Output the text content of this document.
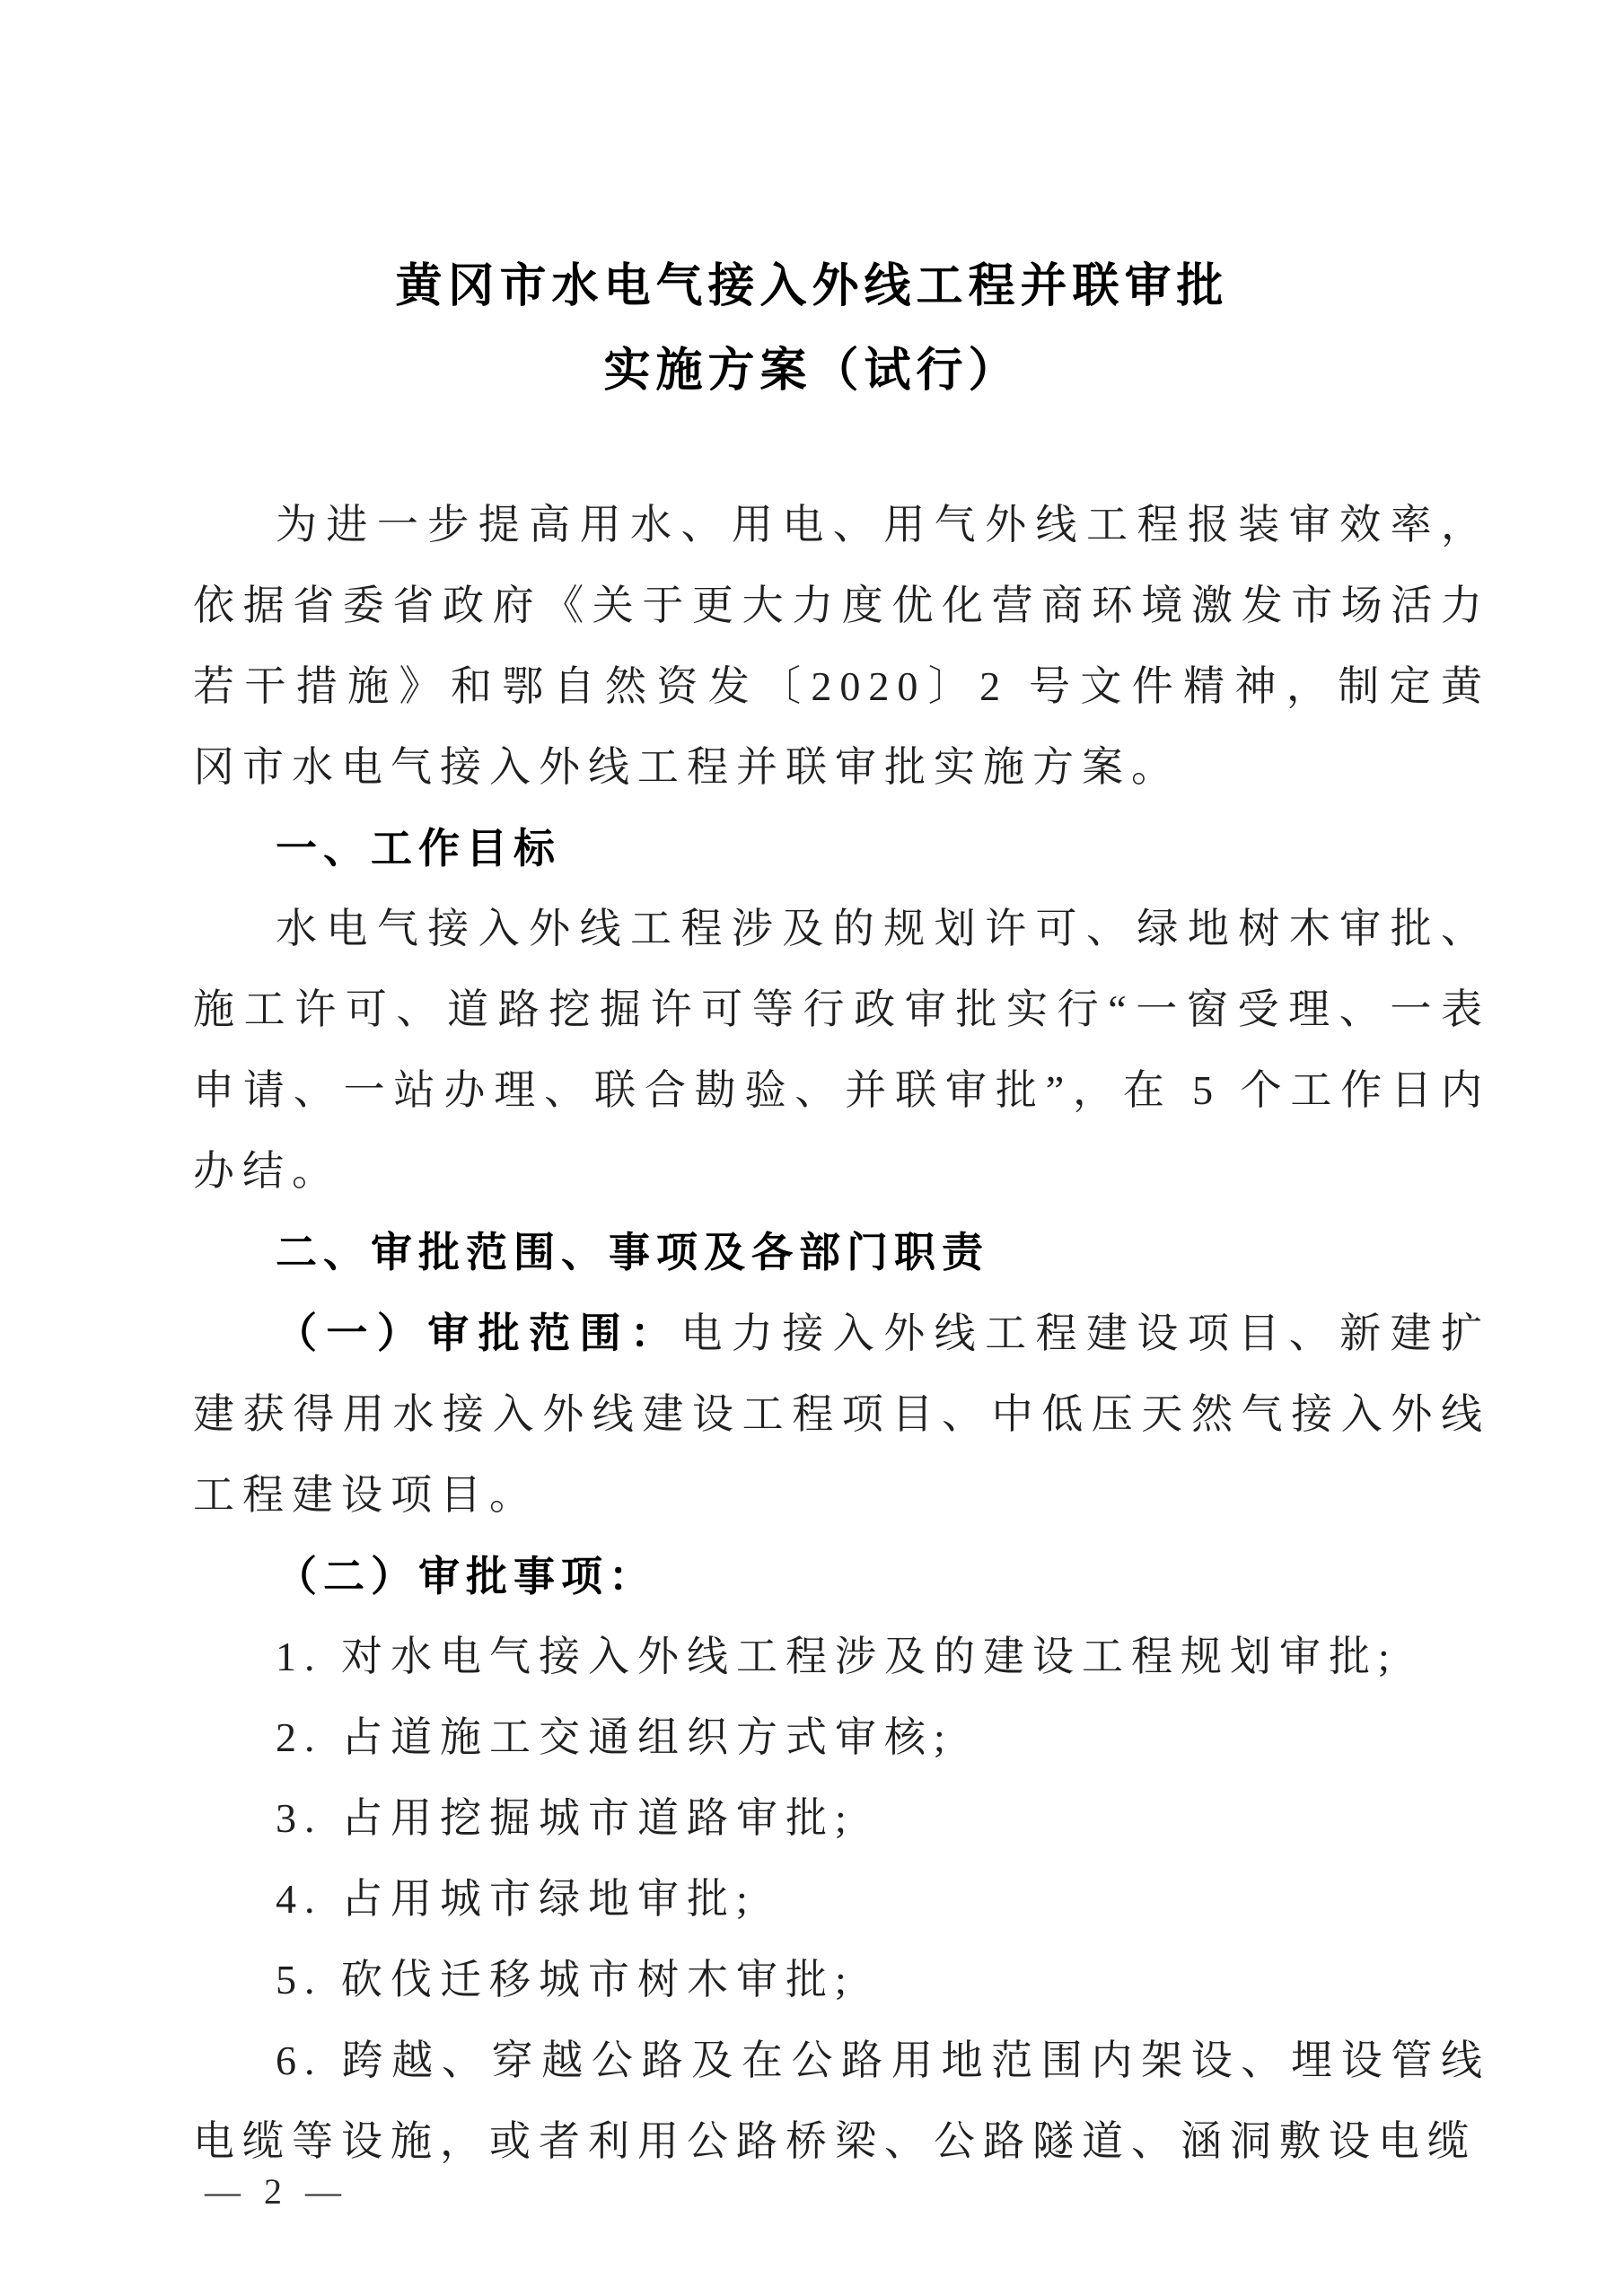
黄冈市水电气接入外线工程并联审批

实施方案（试行）

为进一步提高用水、用电、用气外线工程报装审效率，依据省委省政府《关于更大力度优化营商环境激发市场活力若干措施》和鄂自然资发〔2020〕2 号文件精神，制定黄冈市水电气接入外线工程并联审批实施方案。

一、工作目标

水电气接入外线工程涉及的规划许可、绿地树木审批、施工许可、道路挖掘许可等行政审批实行“一窗受理、一表申请、一站办理、联合勘验、并联审批”，在 5 个工作日内办结。

二、审批范围、事项及各部门职责

（一）审批范围：电力接入外线工程建设项目、新建扩建获得用水接入外线建设工程项目、中低压天然气接入外线工程建设项目。

（二）审批事项：

1. 对水电气接入外线工程涉及的建设工程规划审批;

2. 占道施工交通组织方式审核;

3. 占用挖掘城市道路审批;

4. 占用城市绿地审批;

5. 砍伐迁移城市树木审批;

6. 跨越、穿越公路及在公路用地范围内架设、埋设管线电缆等设施，或者利用公路桥梁、公路隧道、涵洞敷设电缆

— 2 —
